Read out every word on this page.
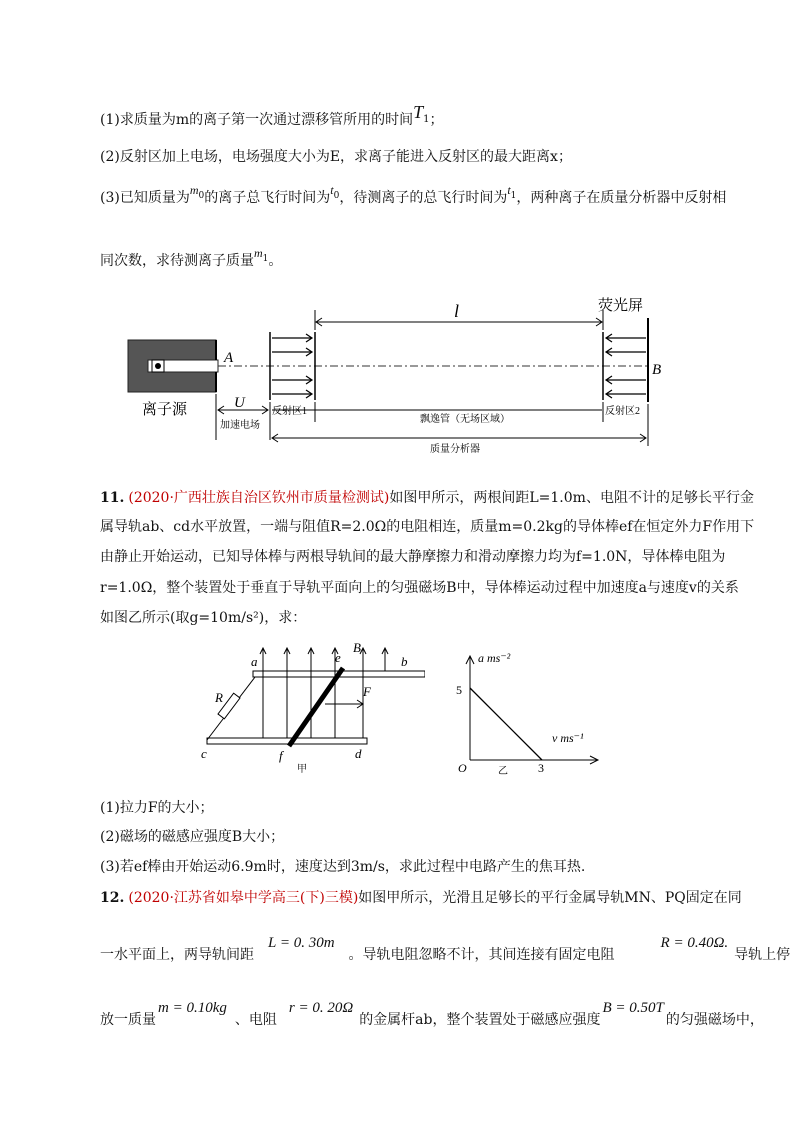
(1)求质量为m的离子第一次通过漂移管所用的时间$T_1$；
(2)反射区加上电场，电场强度大小为E，求离子能进入反射区的最大距离x；
(3)已知质量为$m_0$的离子总飞行时间为$t_0$，待测离子的总飞行时间为$t_1$，两种离子在质量分析器中反射相
同次数，求待测离子质量$m_1$。
l	荧光屏
A
B
离子源	U
加速电场
反射区1
飘逸管（无场区域）
反射区2
质量分析器
11. (2020·广西壮族自治区钦州市质量检测试)如图甲所示，两根间距L=1.0m、电阻不计的足够长平行金
属导轨ab、cd水平放置，一端与阻值R=2.0Ω的电阻相连，质量m=0.2kg的导体棒ef在恒定外力F作用下
由静止开始运动，已知导体棒与两根导轨间的最大静摩擦力和滑动摩擦力均为f=1.0N，导体棒电阻为
r=1.0Ω，整个装置处于垂直于导轨平面向上的匀强磁场B中，导体棒运动过程中加速度a与速度v的关系
如图乙所示(取g=10m/s²)，求：
a	b
c	d
e
f
B
F
R
甲
a ms⁻²
v ms⁻¹
5
3
O	乙
(1)拉力F的大小；
(2)磁场的磁感应强度B大小；
(3)若ef棒由开始运动6.9m时，速度达到3m/s，求此过程中电路产生的焦耳热.
12. (2020·江苏省如皋中学高三(下)三模)如图甲所示，光滑且足够长的平行金属导轨MN、PQ固定在同
一水平面上，两导轨间距L = 0. 30m。导轨电阻忽略不计，其间连接有固定电阻R = 0.40Ω.导轨上停
放一质量m = 0.10kg、电阻r = 0. 20Ω的金属杆ab，整个装置处于磁感应强度B = 0.50T的匀强磁场中，
